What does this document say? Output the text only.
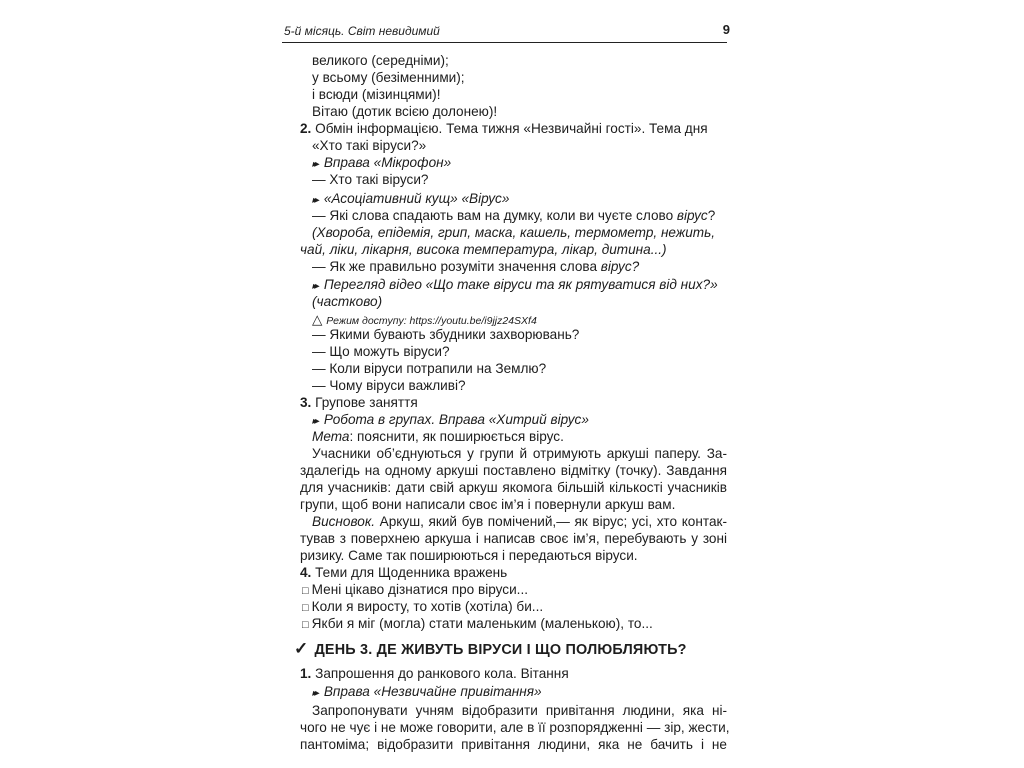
5-й місяць. Світ невидимий	9
великого (середніми);
у всьому (безіменними);
і всюди (мізинцями)!
Вітаю (дотик всією долонею)!
2. Обмін інформацією. Тема тижня «Незвичайні гості». Тема дня
«Хто такі віруси?»
▸▸ Вправа «Мікрофон»
— Хто такі віруси?
▸▸ «Асоціативний кущ» «Вірус»
— Які слова спадають вам на думку, коли ви чуєте слово вірус?
(Хвороба, епідемія, грип, маска, кашель, термометр, нежить,
чай, ліки, лікарня, висока температура, лікар, дитина...)
— Як же правильно розуміти значення слова вірус?
▸▸ Перегляд відео «Що таке віруси та як рятуватися від них?»
(частково)
△ Режим доступу: https://youtu.be/i9jjz24SXf4
— Якими бувають збудники захворювань?
— Що можуть віруси?
— Коли віруси потрапили на Землю?
— Чому віруси важливі?
3. Групове заняття
▸▸ Робота в групах. Вправа «Хитрий вірус»
Мета: пояснити, як поширюється вірус.
Учасники об’єднуються у групи й отримують аркуші паперу. За-
здалегідь на одному аркуші поставлено відмітку (точку). Завдання
для учасників: дати свій аркуш якомога більшій кількості учасників
групи, щоб вони написали своє ім’я і повернули аркуш вам.
Висновок. Аркуш, який був помічений,— як вірус; усі, хто контак-
тував з поверхнею аркуша і написав своє ім’я, перебувають у зоні
ризику. Саме так поширюються і передаються віруси.
4. Теми для Щоденника вражень
□ Мені цікаво дізнатися про віруси...
□ Коли я виросту, то хотів (хотіла) би...
□ Якби я міг (могла) стати маленьким (маленькою), то...
✓ ДЕНЬ 3. ДЕ ЖИВУТЬ ВІРУСИ І ЩО ПОЛЮБЛЯЮТЬ?
1. Запрошення до ранкового кола. Вітання
▸▸ Вправа «Незвичайне привітання»
Запропонувати учням відобразити привітання людини, яка ні-
чого не чує і не може говорити, але в її розпорядженні — зір, жести,
пантоміма; відобразити привітання людини, яка не бачить і не
